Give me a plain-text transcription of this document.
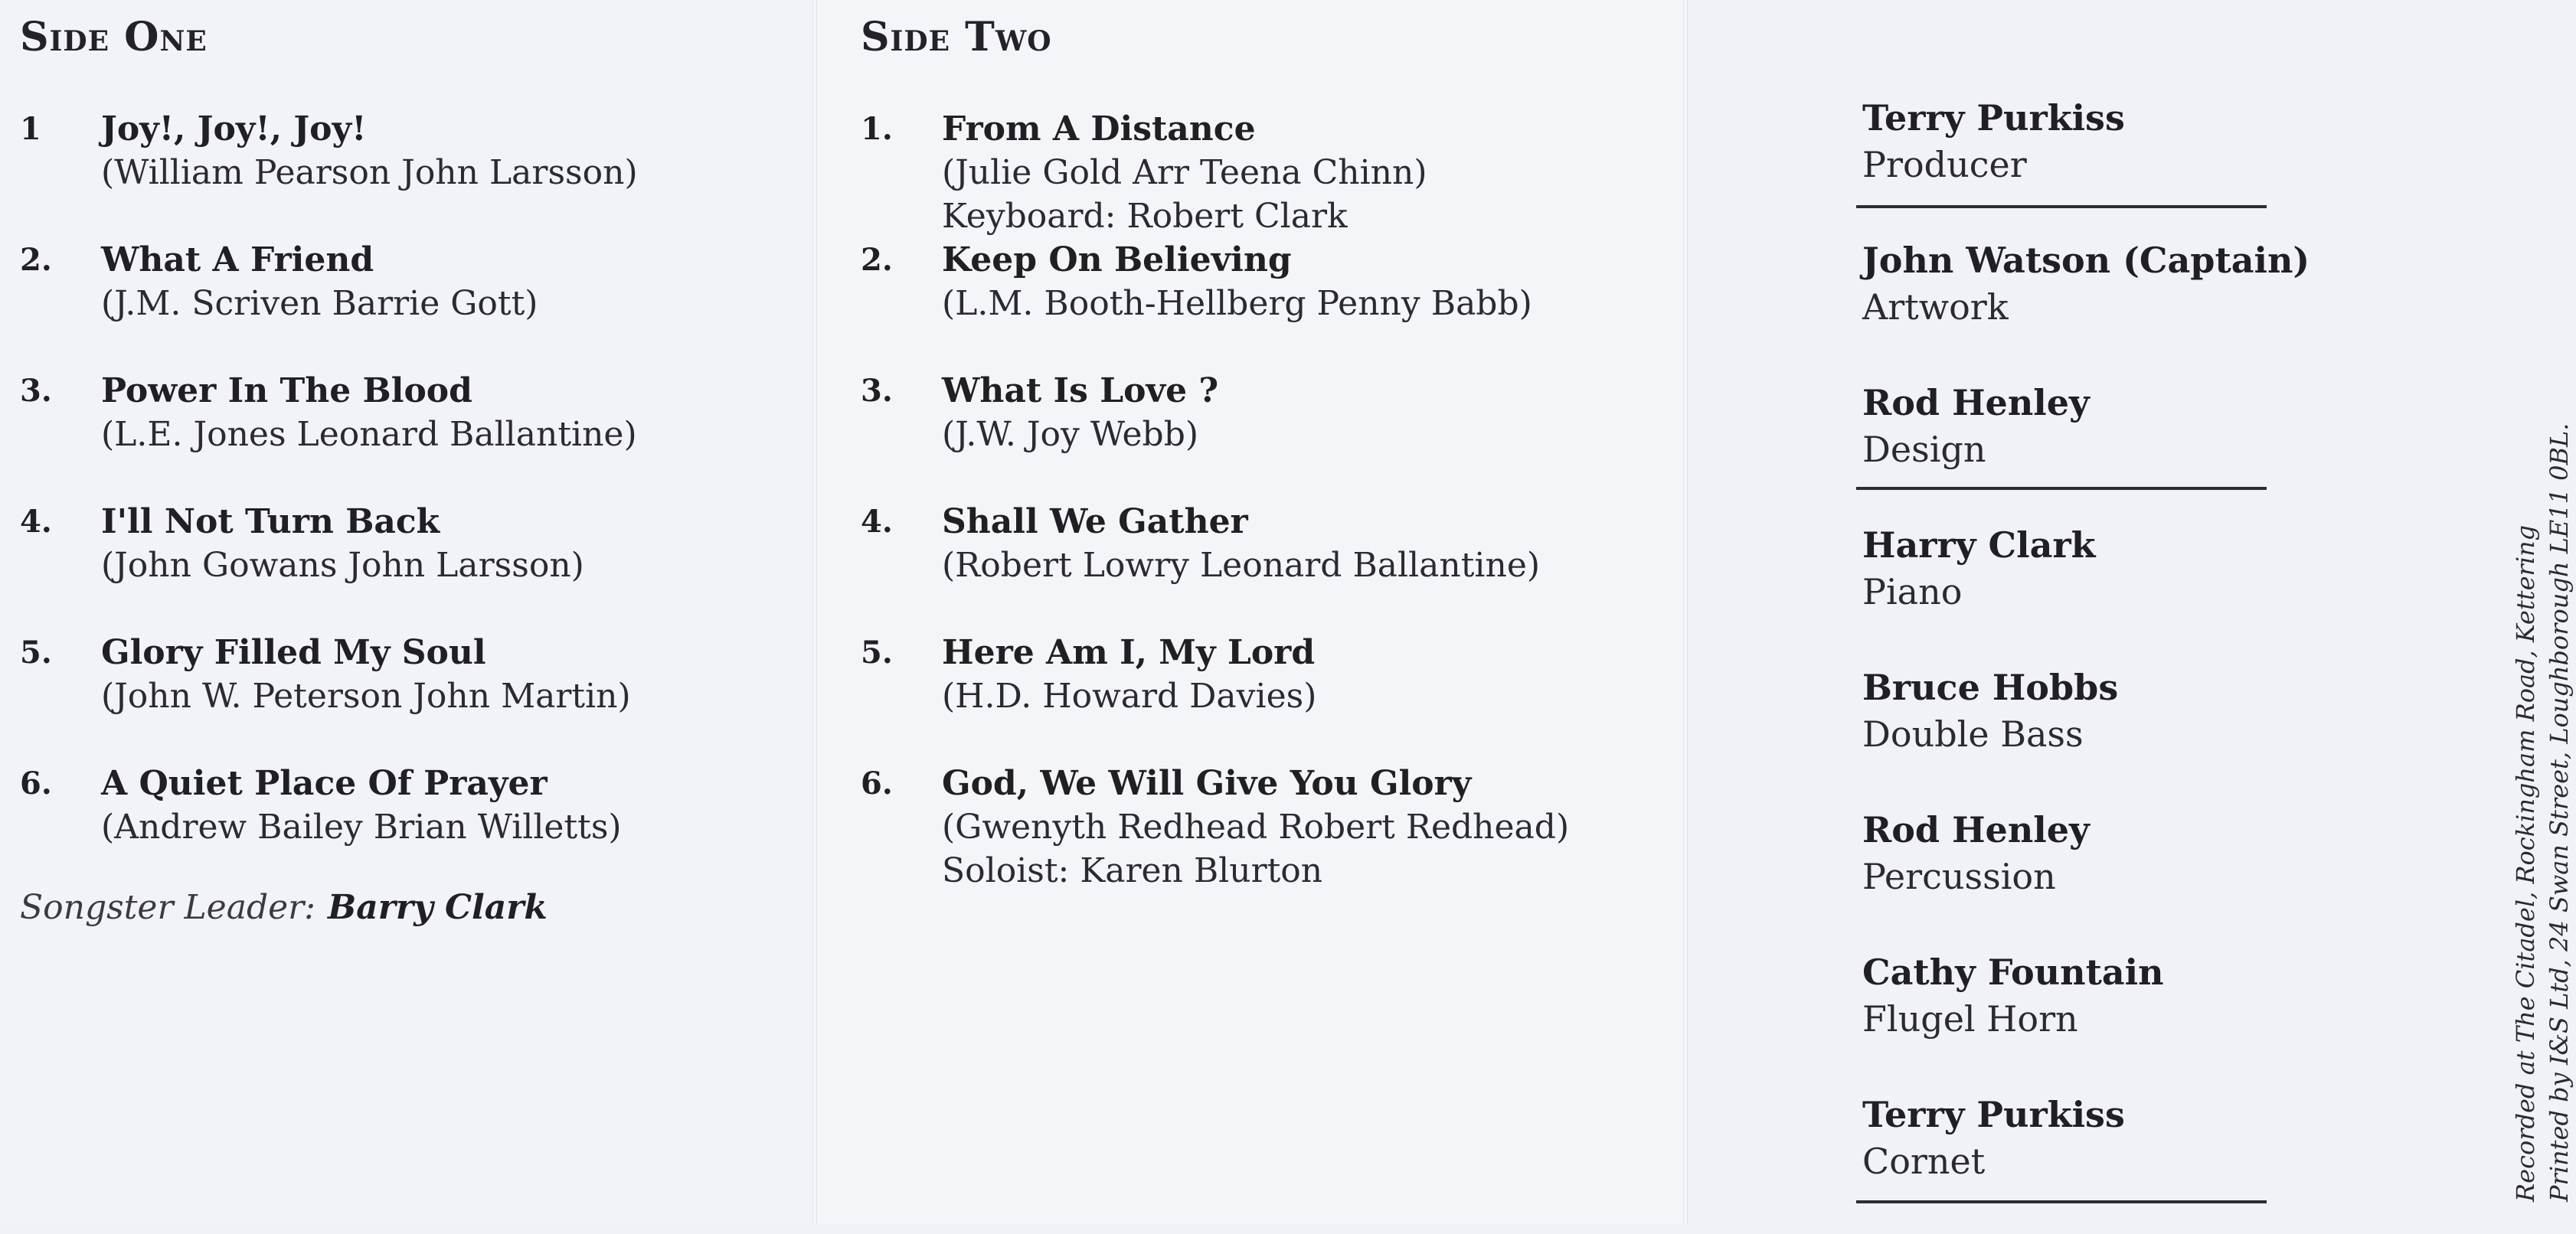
Side One
1 Joy!, Joy!, Joy!
(William Pearson John Larsson)
2. What A Friend
(J.M. Scriven Barrie Gott)
3. Power In The Blood
(L.E. Jones Leonard Ballantine)
4. I'll Not Turn Back
(John Gowans John Larsson)
5. Glory Filled My Soul
(John W. Peterson John Martin)
6. A Quiet Place Of Prayer
(Andrew Bailey Brian Willetts)
Songster Leader: Barry Clark
Side Two
1. From A Distance
(Julie Gold Arr Teena Chinn)
Keyboard: Robert Clark
2. Keep On Believing
(L.M. Booth-Hellberg Penny Babb)
3. What Is Love ?
(J.W. Joy Webb)
4. Shall We Gather
(Robert Lowry Leonard Ballantine)
5. Here Am I, My Lord
(H.D. Howard Davies)
6. God, We Will Give You Glory
(Gwenyth Redhead Robert Redhead)
Soloist: Karen Blurton
Terry Purkiss
Producer
John Watson (Captain)
Artwork
Rod Henley
Design
Harry Clark
Piano
Bruce Hobbs
Double Bass
Rod Henley
Percussion
Cathy Fountain
Flugel Horn
Terry Purkiss
Cornet	Recorded at The Citadel, Rockingham Road, Kettering Printed by I&S Ltd, 24 Swan Street, Loughborough LE11 0BL.
